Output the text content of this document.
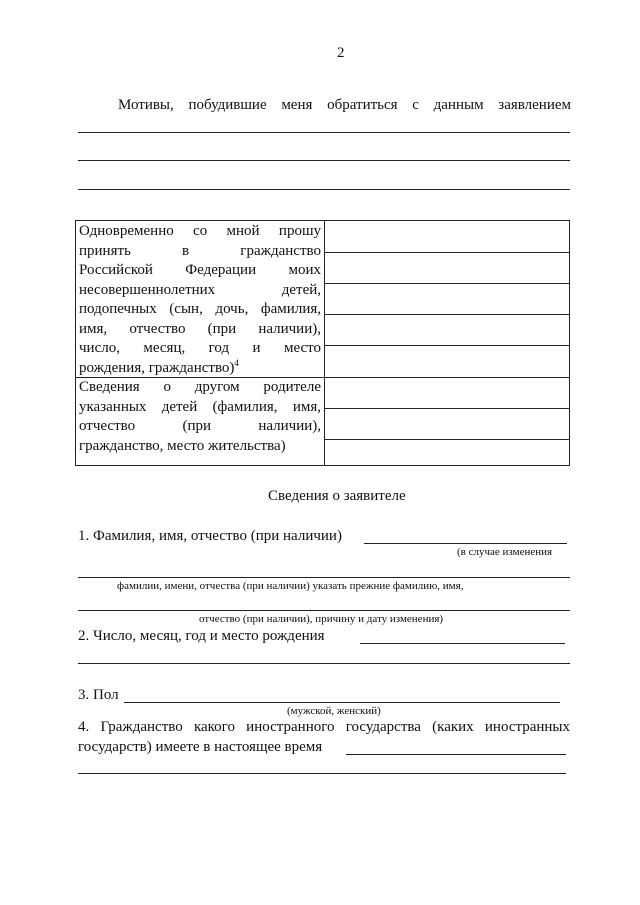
2
Мотивы, побудившие меня обратиться с данным заявлением
Одновременно со мной прошу
принять в гражданство
Российской Федерации моих
несовершеннолетних детей,
подопечных (сын, дочь, фамилия,
имя, отчество (при наличии),
число, месяц, год и место
рождения, гражданство)$^4$
Сведения о другом родителе
указанных детей (фамилия, имя,
отчество (при наличии),
гражданство, место жительства)
Сведения о заявителе
1. Фамилия, имя, отчество (при наличии)
(в случае изменения
фамилии, имени, отчества (при наличии) указать прежние фамилию, имя,
отчество (при наличии), причину и дату изменения)
2. Число, месяц, год и место рождения
3. Пол
(мужской, женский)
4. Гражданство какого иностранного государства (каких иностранных
государств) имеете в настоящее время
